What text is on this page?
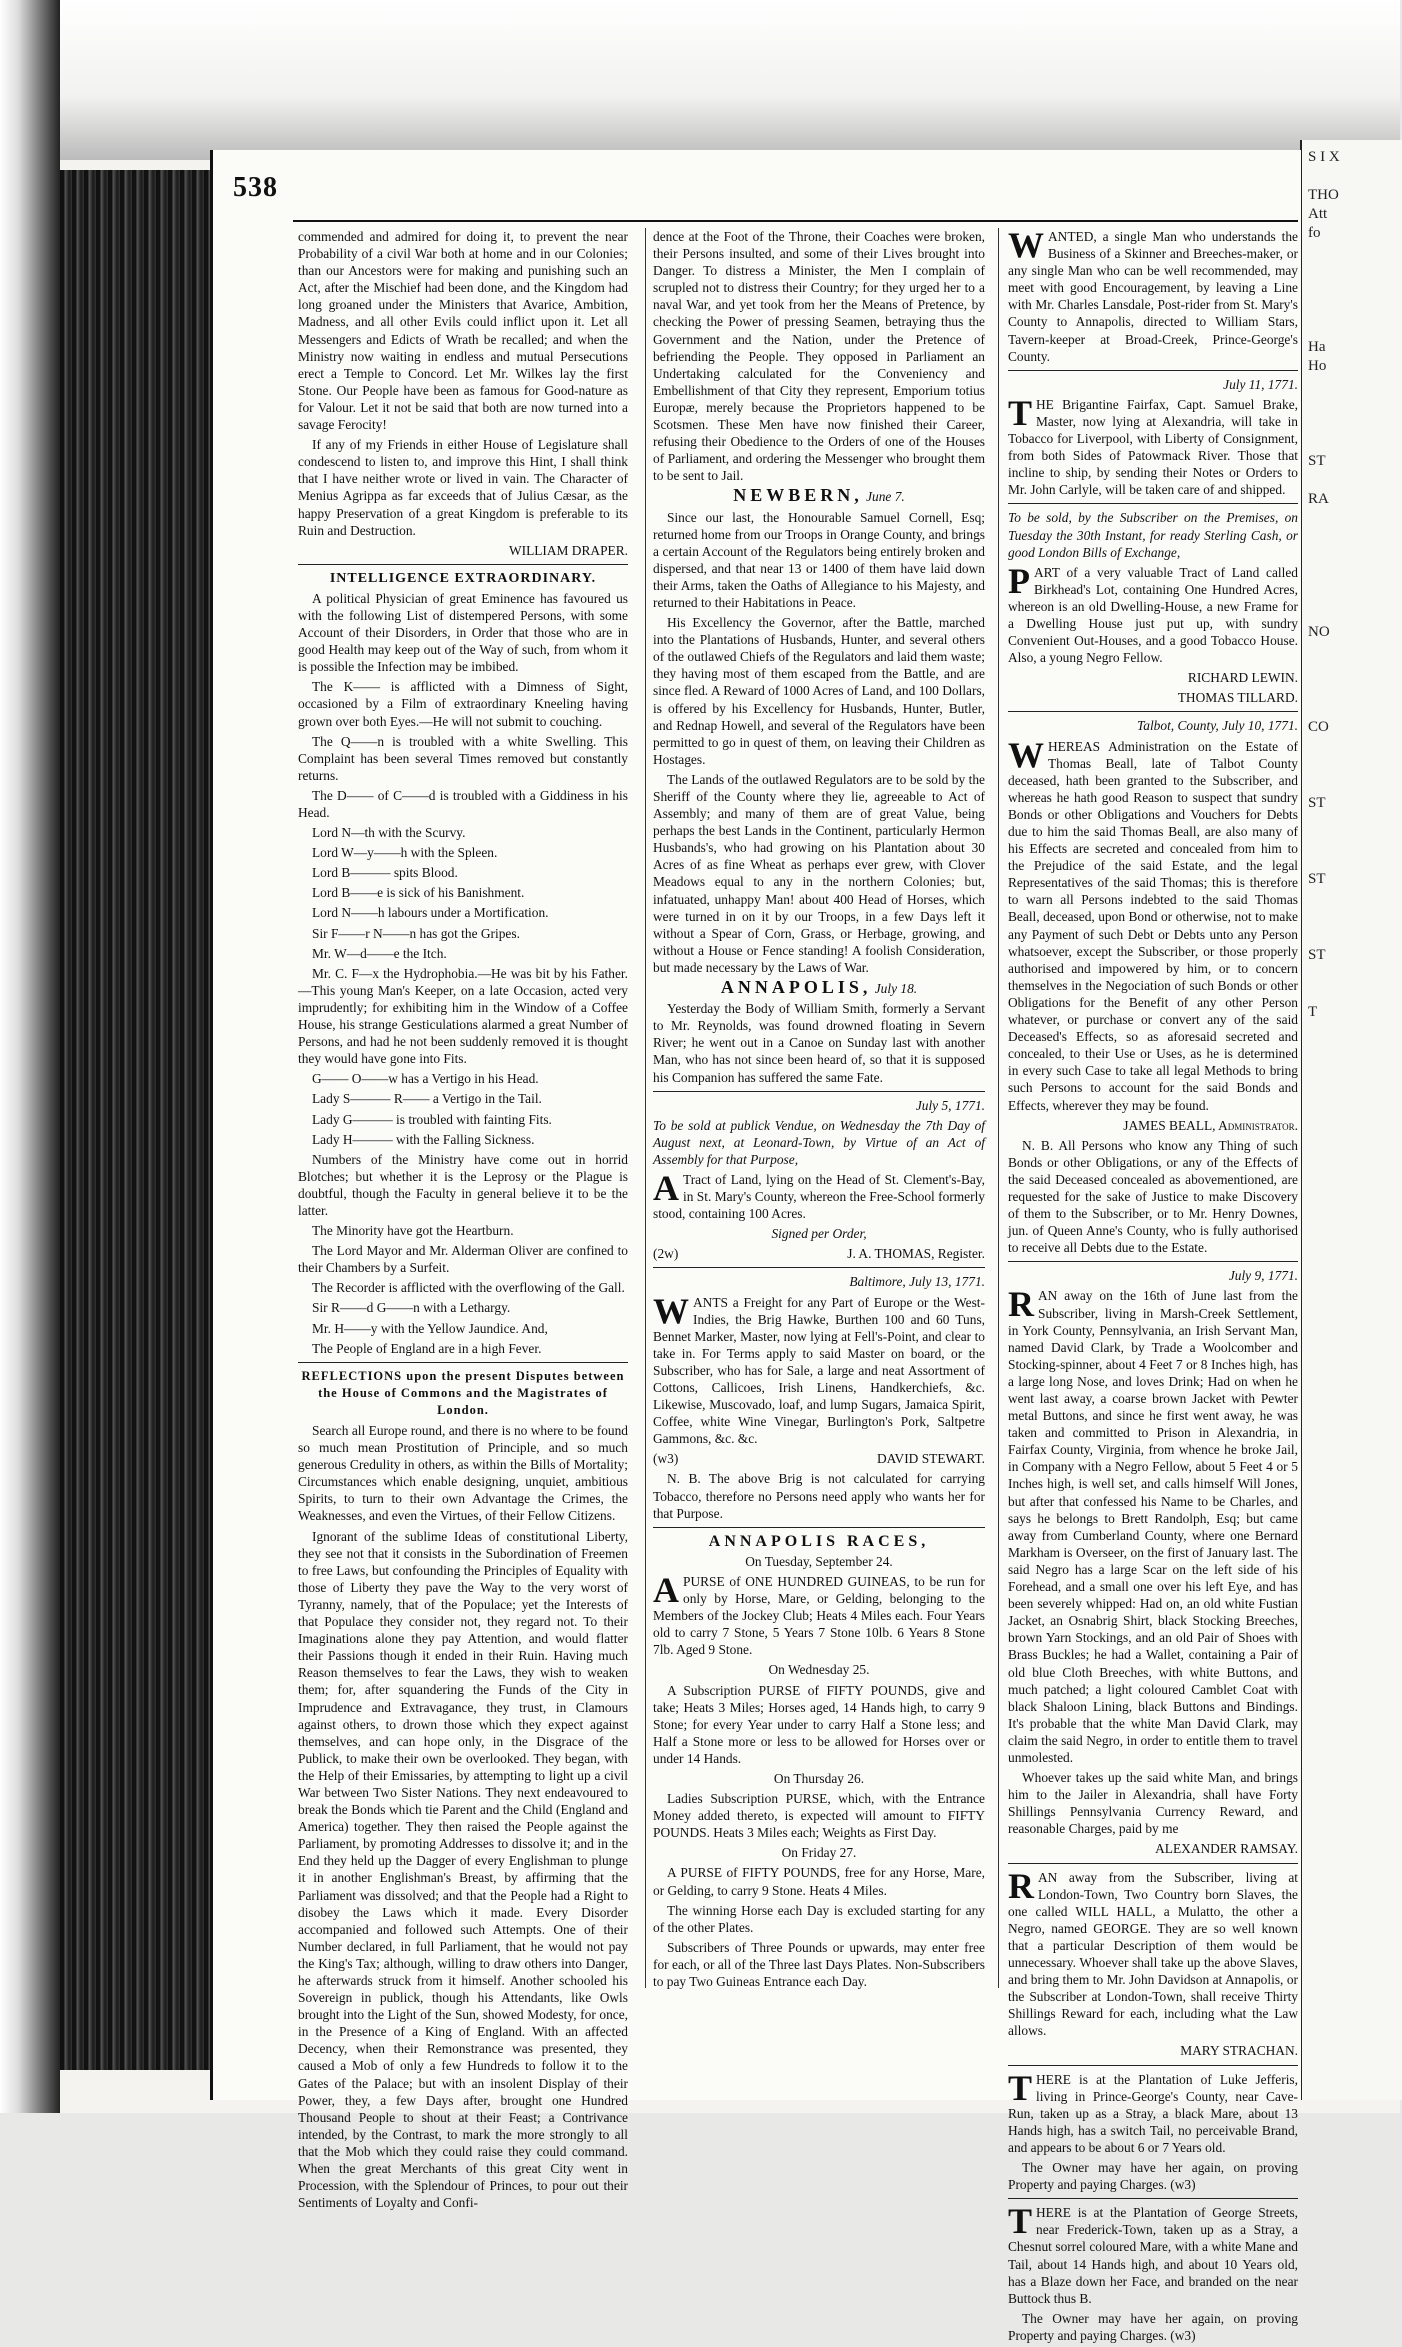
S I X

THO
Att
fo

Ha
Ho

ST

RA

NO

CO

ST

ST

ST

T
538

commended and admired for doing it, to prevent the near Probability of a civil War both at home and in our Colonies; than our Ancestors were for making and punishing such an Act, after the Mischief had been done, and the Kingdom had long groaned under the Ministers that Avarice, Ambition, Madness, and all other Evils could inflict upon it. Let all Messengers and Edicts of Wrath be recalled; and when the Ministry now waiting in endless and mutual Persecutions erect a Temple to Concord. Let Mr. Wilkes lay the first Stone. Our People have been as famous for Good-nature as for Valour. Let it not be said that both are now turned into a savage Ferocity!

If any of my Friends in either House of Legislature shall condescend to listen to, and improve this Hint, I shall think that I have neither wrote or lived in vain. The Character of Menius Agrippa as far exceeds that of Julius Cæsar, as the happy Preservation of a great Kingdom is preferable to its Ruin and Destruction.

WILLIAM DRAPER.

INTELLIGENCE EXTRAORDINARY.

A political Physician of great Eminence has favoured us with the following List of distempered Persons, with some Account of their Disorders, in Order that those who are in good Health may keep out of the Way of such, from whom it is possible the Infection may be imbibed.

The K—— is afflicted with a Dimness of Sight, occasioned by a Film of extraordinary Kneeling having grown over both Eyes.—He will not submit to couching.

The Q——n is troubled with a white Swelling. This Complaint has been several Times removed but constantly returns.

The D—— of C——d is troubled with a Giddiness in his Head.

Lord N—th with the Scurvy.

Lord W—y——h with the Spleen.

Lord B——— spits Blood.

Lord B——e is sick of his Banishment.

Lord N——h labours under a Mortification.

Sir F——r N——n has got the Gripes.

Mr. W—d——e the Itch.

Mr. C. F—x the Hydrophobia.—He was bit by his Father.—This young Man's Keeper, on a late Occasion, acted very imprudently; for exhibiting him in the Window of a Coffee House, his strange Gesticulations alarmed a great Number of Persons, and had he not been suddenly removed it is thought they would have gone into Fits.

G—— O——w has a Vertigo in his Head.

Lady S——— R—— a Vertigo in the Tail.

Lady G——— is troubled with fainting Fits.

Lady H——— with the Falling Sickness.

Numbers of the Ministry have come out in horrid Blotches; but whether it is the Leprosy or the Plague is doubtful, though the Faculty in general believe it to be the latter.

The Minority have got the Heartburn.

The Lord Mayor and Mr. Alderman Oliver are confined to their Chambers by a Surfeit.

The Recorder is afflicted with the overflowing of the Gall.

Sir R——d G——n with a Lethargy.

Mr. H——y with the Yellow Jaundice. And,

The People of England are in a high Fever.

REFLECTIONS upon the present Disputes between the House of Commons and the Magistrates of London.

Search all Europe round, and there is no where to be found so much mean Prostitution of Principle, and so much generous Credulity in others, as within the Bills of Mortality; Circumstances which enable designing, unquiet, ambitious Spirits, to turn to their own Advantage the Crimes, the Weaknesses, and even the Virtues, of their Fellow Citizens.

Ignorant of the sublime Ideas of constitutional Liberty, they see not that it consists in the Subordination of Freemen to free Laws, but confounding the Principles of Equality with those of Liberty they pave the Way to the very worst of Tyranny, namely, that of the Populace; yet the Interests of that Populace they consider not, they regard not. To their Imaginations alone they pay Attention, and would flatter their Passions though it ended in their Ruin. Having much Reason themselves to fear the Laws, they wish to weaken them; for, after squandering the Funds of the City in Imprudence and Extravagance, they trust, in Clamours against others, to drown those which they expect against themselves, and can hope only, in the Disgrace of the Publick, to make their own be overlooked. They began, with the Help of their Emissaries, by attempting to light up a civil War between Two Sister Nations. They next endeavoured to break the Bonds which tie Parent and the Child (England and America) together. They then raised the People against the Parliament, by promoting Addresses to dissolve it; and in the End they held up the Dagger of every Englishman to plunge it in another Englishman's Breast, by affirming that the Parliament was dissolved; and that the People had a Right to disobey the Laws which it made. Every Disorder accompanied and followed such Attempts. One of their Number declared, in full Parliament, that he would not pay the King's Tax; although, willing to draw others into Danger, he afterwards struck from it himself. Another schooled his Sovereign in publick, though his Attendants, like Owls brought into the Light of the Sun, showed Modesty, for once, in the Presence of a King of England. With an affected Decency, when their Remonstrance was presented, they caused a Mob of only a few Hundreds to follow it to the Gates of the Palace; but with an insolent Display of their Power, they, a few Days after, brought one Hundred Thousand People to shout at their Feast; a Contrivance intended, by the Contrast, to mark the more strongly to all that the Mob which they could raise they could command. When the great Merchants of this great City went in Procession, with the Splendour of Princes, to pour out their Sentiments of Loyalty and Confi-

dence at the Foot of the Throne, their Coaches were broken, their Persons insulted, and some of their Lives brought into Danger. To distress a Minister, the Men I complain of scrupled not to distress their Country; for they urged her to a naval War, and yet took from her the Means of Pretence, by checking the Power of pressing Seamen, betraying thus the Government and the Nation, under the Pretence of befriending the People. They opposed in Parliament an Undertaking calculated for the Conveniency and Embellishment of that City they represent, Emporium totius Europæ, merely because the Proprietors happened to be Scotsmen. These Men have now finished their Career, refusing their Obedience to the Orders of one of the Houses of Parliament, and ordering the Messenger who brought them to be sent to Jail.

NEWBERN, June 7.

Since our last, the Honourable Samuel Cornell, Esq; returned home from our Troops in Orange County, and brings a certain Account of the Regulators being entirely broken and dispersed, and that near 13 or 1400 of them have laid down their Arms, taken the Oaths of Allegiance to his Majesty, and returned to their Habitations in Peace.

His Excellency the Governor, after the Battle, marched into the Plantations of Husbands, Hunter, and several others of the outlawed Chiefs of the Regulators and laid them waste; they having most of them escaped from the Battle, and are since fled. A Reward of 1000 Acres of Land, and 100 Dollars, is offered by his Excellency for Husbands, Hunter, Butler, and Rednap Howell, and several of the Regulators have been permitted to go in quest of them, on leaving their Children as Hostages.

The Lands of the outlawed Regulators are to be sold by the Sheriff of the County where they lie, agreeable to Act of Assembly; and many of them are of great Value, being perhaps the best Lands in the Continent, particularly Hermon Husbands's, who had growing on his Plantation about 30 Acres of as fine Wheat as perhaps ever grew, with Clover Meadows equal to any in the northern Colonies; but, infatuated, unhappy Man! about 400 Head of Horses, which were turned in on it by our Troops, in a few Days left it without a Spear of Corn, Grass, or Herbage, growing, and without a House or Fence standing! A foolish Consideration, but made necessary by the Laws of War.

ANNAPOLIS, July 18.

Yesterday the Body of William Smith, formerly a Servant to Mr. Reynolds, was found drowned floating in Severn River; he went out in a Canoe on Sunday last with another Man, who has not since been heard of, so that it is supposed his Companion has suffered the same Fate.

July 5, 1771.

To be sold at publick Vendue, on Wednesday the 7th Day of August next, at Leonard-Town, by Virtue of an Act of Assembly for that Purpose,

A Tract of Land, lying on the Head of St. Clement's-Bay, in St. Mary's County, whereon the Free-School formerly stood, containing 100 Acres.

Signed per Order,

(2w)	J. A. THOMAS, Register.

Baltimore, July 13, 1771.

WANTS a Freight for any Part of Europe or the West-Indies, the Brig Hawke, Burthen 100 and 60 Tuns, Bennet Marker, Master, now lying at Fell's-Point, and clear to take in. For Terms apply to said Master on board, or the Subscriber, who has for Sale, a large and neat Assortment of Cottons, Callicoes, Irish Linens, Handkerchiefs, &c. Likewise, Muscovado, loaf, and lump Sugars, Jamaica Spirit, Coffee, white Wine Vinegar, Burlington's Pork, Saltpetre Gammons, &c. &c.

(w3)	DAVID STEWART.

N. B. The above Brig is not calculated for carrying Tobacco, therefore no Persons need apply who wants her for that Purpose.

ANNAPOLIS RACES,

On Tuesday, September 24.

APURSE of ONE HUNDRED GUINEAS, to be run for only by Horse, Mare, or Gelding, belonging to the Members of the Jockey Club; Heats 4 Miles each. Four Years old to carry 7 Stone, 5 Years 7 Stone 10lb. 6 Years 8 Stone 7lb. Aged 9 Stone.

On Wednesday 25.

A Subscription PURSE of FIFTY POUNDS, give and take; Heats 3 Miles; Horses aged, 14 Hands high, to carry 9 Stone; for every Year under to carry Half a Stone less; and Half a Stone more or less to be allowed for Horses over or under 14 Hands.

On Thursday 26.

Ladies Subscription PURSE, which, with the Entrance Money added thereto, is expected will amount to FIFTY POUNDS. Heats 3 Miles each; Weights as First Day.

On Friday 27.

A PURSE of FIFTY POUNDS, free for any Horse, Mare, or Gelding, to carry 9 Stone. Heats 4 Miles.

The winning Horse each Day is excluded starting for any of the other Plates.

Subscribers of Three Pounds or upwards, may enter free for each, or all of the Three last Days Plates. Non-Subscribers to pay Two Guineas Entrance each Day.

WANTED, a single Man who understands the Business of a Skinner and Breeches-maker, or any single Man who can be well recommended, may meet with good Encouragement, by leaving a Line with Mr. Charles Lansdale, Post-rider from St. Mary's County to Annapolis, directed to William Stars, Tavern-keeper at Broad-Creek, Prince-George's County.

July 11, 1771.

THE Brigantine Fairfax, Capt. Samuel Brake, Master, now lying at Alexandria, will take in Tobacco for Liverpool, with Liberty of Consignment, from both Sides of Patowmack River. Those that incline to ship, by sending their Notes or Orders to Mr. John Carlyle, will be taken care of and shipped.

To be sold, by the Subscriber on the Premises, on Tuesday the 30th Instant, for ready Sterling Cash, or good London Bills of Exchange,

PART of a very valuable Tract of Land called Birkhead's Lot, containing One Hundred Acres, whereon is an old Dwelling-House, a new Frame for a Dwelling House just put up, with sundry Convenient Out-Houses, and a good Tobacco House. Also, a young Negro Fellow.

RICHARD LEWIN.

THOMAS TILLARD.

Talbot, County, July 10, 1771.

WHEREAS Administration on the Estate of Thomas Beall, late of Talbot County deceased, hath been granted to the Subscriber, and whereas he hath good Reason to suspect that sundry Bonds or other Obligations and Vouchers for Debts due to him the said Thomas Beall, are also many of his Effects are secreted and concealed from him to the Prejudice of the said Estate, and the legal Representatives of the said Thomas; this is therefore to warn all Persons indebted to the said Thomas Beall, deceased, upon Bond or otherwise, not to make any Payment of such Debt or Debts unto any Person whatsoever, except the Subscriber, or those properly authorised and impowered by him, or to concern themselves in the Negociation of such Bonds or other Obligations for the Benefit of any other Person whatever, or purchase or convert any of the said Deceased's Effects, so as aforesaid secreted and concealed, to their Use or Uses, as he is determined in every such Case to take all legal Methods to bring such Persons to account for the said Bonds and Effects, wherever they may be found.

JAMES BEALL, Administrator.

N. B. All Persons who know any Thing of such Bonds or other Obligations, or any of the Effects of the said Deceased concealed as abovementioned, are requested for the sake of Justice to make Discovery of them to the Subscriber, or to Mr. Henry Downes, jun. of Queen Anne's County, who is fully authorised to receive all Debts due to the Estate.

July 9, 1771.

RAN away on the 16th of June last from the Subscriber, living in Marsh-Creek Settlement, in York County, Pennsylvania, an Irish Servant Man, named David Clark, by Trade a Woolcomber and Stocking-spinner, about 4 Feet 7 or 8 Inches high, has a large long Nose, and loves Drink; Had on when he went last away, a coarse brown Jacket with Pewter metal Buttons, and since he first went away, he was taken and committed to Prison in Alexandria, in Fairfax County, Virginia, from whence he broke Jail, in Company with a Negro Fellow, about 5 Feet 4 or 5 Inches high, is well set, and calls himself Will Jones, but after that confessed his Name to be Charles, and says he belongs to Brett Randolph, Esq; but came away from Cumberland County, where one Bernard Markham is Overseer, on the first of January last. The said Negro has a large Scar on the left side of his Forehead, and a small one over his left Eye, and has been severely whipped: Had on, an old white Fustian Jacket, an Osnabrig Shirt, black Stocking Breeches, brown Yarn Stockings, and an old Pair of Shoes with Brass Buckles; he had a Wallet, containing a Pair of old blue Cloth Breeches, with white Buttons, and much patched; a light coloured Camblet Coat with black Shaloon Lining, black Buttons and Bindings. It's probable that the white Man David Clark, may claim the said Negro, in order to entitle them to travel unmolested.

Whoever takes up the said white Man, and brings him to the Jailer in Alexandria, shall have Forty Shillings Pennsylvania Currency Reward, and reasonable Charges, paid by me

ALEXANDER RAMSAY.

RAN away from the Subscriber, living at London-Town, Two Country born Slaves, the one called WILL HALL, a Mulatto, the other a Negro, named GEORGE. They are so well known that a particular Description of them would be unnecessary. Whoever shall take up the above Slaves, and bring them to Mr. John Davidson at Annapolis, or the Subscriber at London-Town, shall receive Thirty Shillings Reward for each, including what the Law allows.

MARY STRACHAN.

THERE is at the Plantation of Luke Jefferis, living in Prince-George's County, near Cave-Run, taken up as a Stray, a black Mare, about 13 Hands high, has a switch Tail, no perceivable Brand, and appears to be about 6 or 7 Years old.

The Owner may have her again, on proving Property and paying Charges. (w3)

THERE is at the Plantation of George Streets, near Frederick-Town, taken up as a Stray, a Chesnut sorrel coloured Mare, with a white Mane and Tail, about 14 Hands high, and about 10 Years old, has a Blaze down her Face, and branded on the near Buttock thus B.

The Owner may have her again, on proving Property and paying Charges. (w3)
